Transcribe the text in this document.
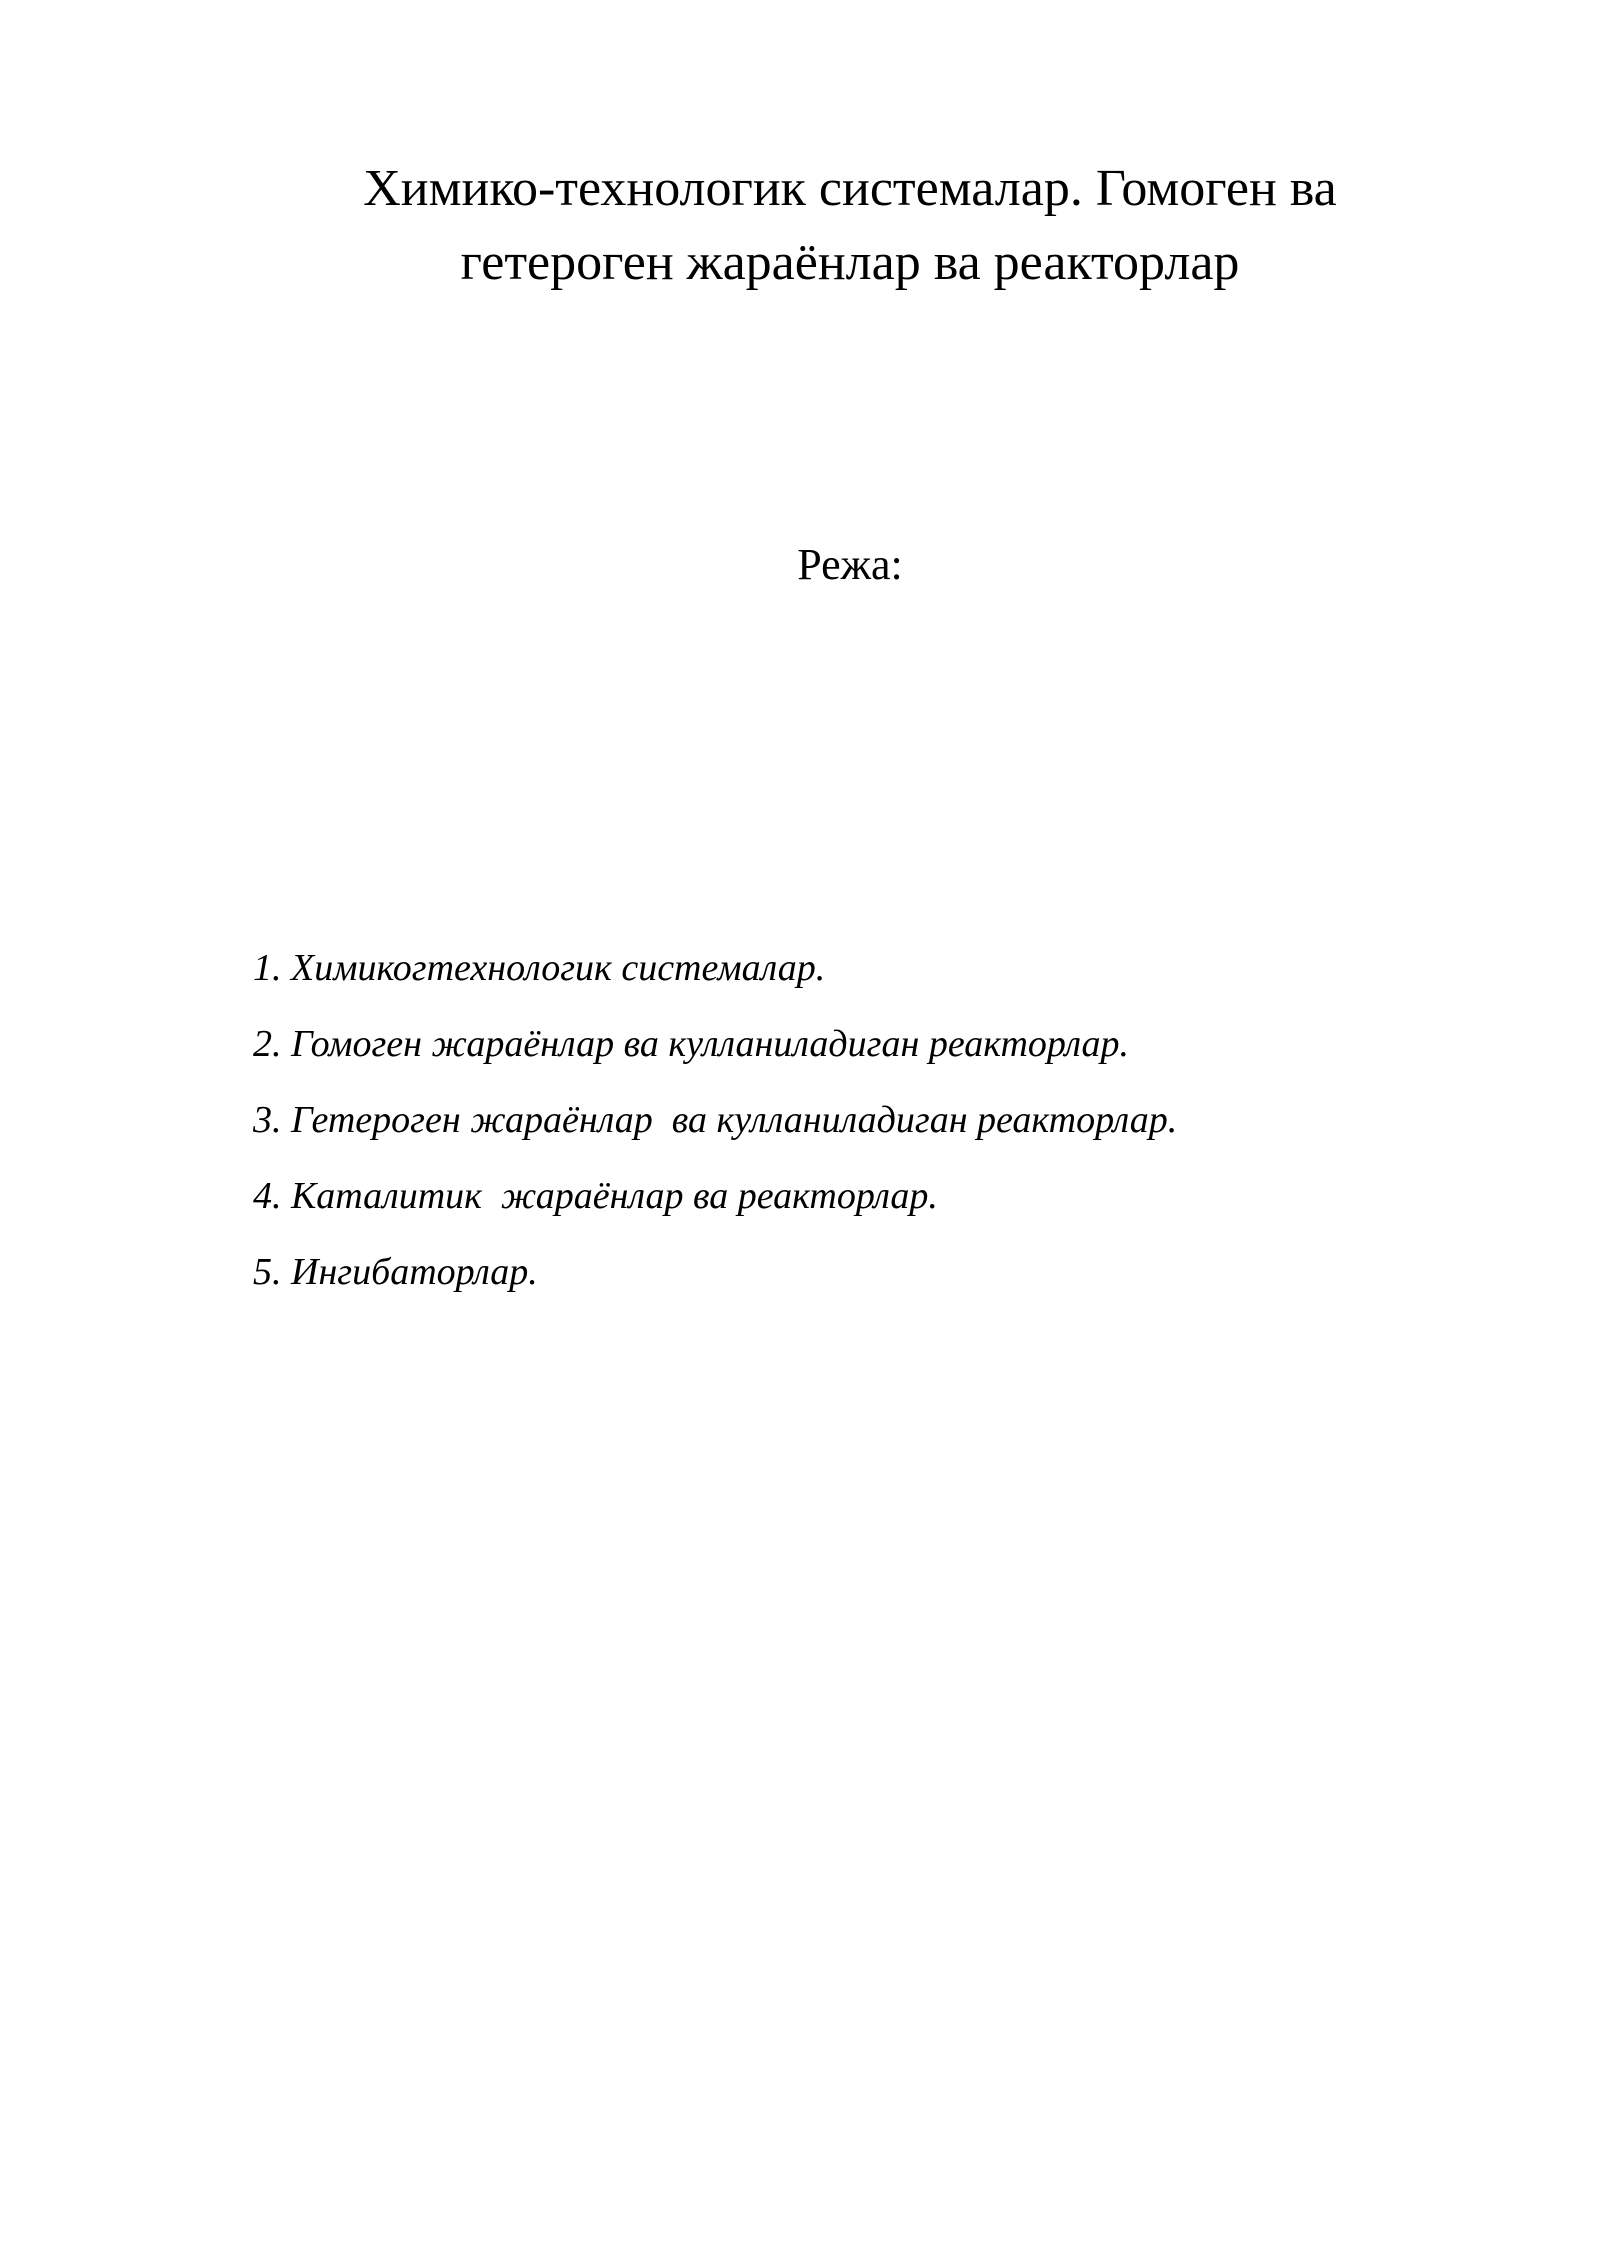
Химико-технологик системалар. Гомоген ва
гетероген жараёнлар ва реакторлар

Режа:

1. Химикогтехнологик системалар.
2. Гомоген жараёнлар ва кулланиладиган реакторлар.
3. Гетероген жараёнлар  ва кулланиладиган реакторлар.
4. Каталитик  жараёнлар ва реакторлар.
5. Ингибаторлар.
